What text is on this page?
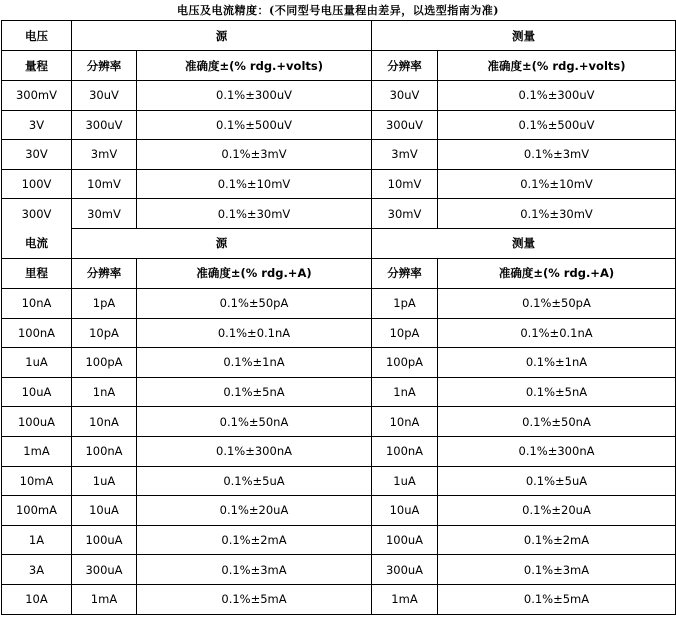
电压及电流精度：(不同型号电压量程由差异，以选型指南为准)
电压	源		测量	
量程	分辨率	准确度±(% rdg.+volts)	分辨率	准确度±(% rdg.+volts)
300mV	30uV	0.1%±300uV	30uV	0.1%±300uV
3V	300uV	0.1%±500uV	300uV	0.1%±500uV
30V	3mV	0.1%±3mV	3mV	0.1%±3mV
100V	10mV	0.1%±10mV	10mV	0.1%±10mV
300V	30mV	0.1%±30mV	30mV	0.1%±30mV
电流	源		测量	
里程	分辨率	准确度±(% rdg.+A)	分辨率	准确度±(% rdg.+A)
10nA	1pA	0.1%±50pA	1pA	0.1%±50pA
100nA	10pA	0.1%±0.1nA	10pA	0.1%±0.1nA
1uA	100pA	0.1%±1nA	100pA	0.1%±1nA
10uA	1nA	0.1%±5nA	1nA	0.1%±5nA
100uA	10nA	0.1%±50nA	10nA	0.1%±50nA
1mA	100nA	0.1%±300nA	100nA	0.1%±300nA
10mA	1uA	0.1%±5uA	1uA	0.1%±5uA
100mA	10uA	0.1%±20uA	10uA	0.1%±20uA
1A	100uA	0.1%±2mA	100uA	0.1%±2mA
3A	300uA	0.1%±3mA	300uA	0.1%±3mA
10A	1mA	0.1%±5mA	1mA	0.1%±5mA
